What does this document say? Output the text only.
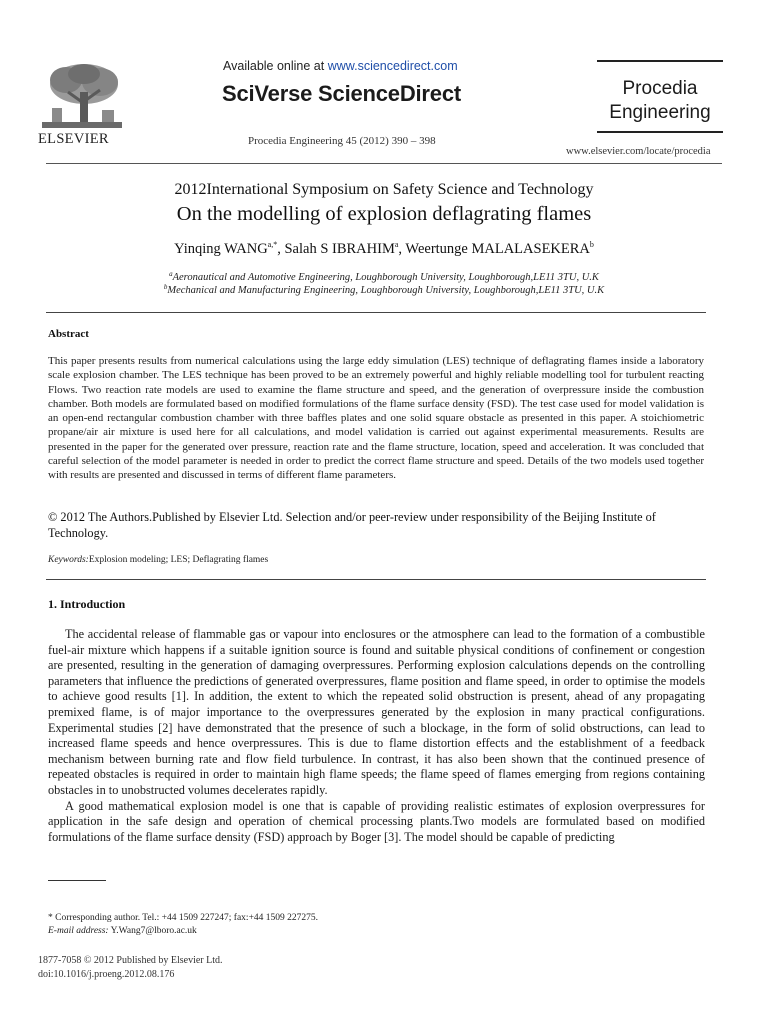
ELSEVIER
Available online at www.sciencedirect.com
SciVerse ScienceDirect
Procedia Engineering 45 (2012) 390 – 398
Procedia
Engineering
www.elsevier.com/locate/procedia
2012International Symposium on Safety Science and Technology
On the modelling of explosion deflagrating flames
Yinqing $WANG^{a,*}$, Salah S IBRAHIM$^a$, Weertunge MALALASEKERA$^b$
$^a$Aeronautical and Automotive Engineering, Loughborough University, Loughborough,LE11 3TU, U.K
$^b$Mechanical and Manufacturing Engineering, Loughborough University, Loughborough,LE11 3TU, U.K
Abstract
This paper presents results from numerical calculations using the large eddy simulation (LES) technique of deflagrating flames inside a laboratory scale explosion chamber. The LES technique has been proved to be an extremely powerful and highly reliable modelling tool for turbulent reacting Flows. Two reaction rate models are used to examine the flame structure and speed, and the generation of overpressure inside the combustion chamber. Both models are formulated based on modified formulations of the flame surface density (FSD). The test case used for model validation is an open-end rectangular combustion chamber with three baffles plates and one solid square obstacle as presented in this paper. A stoichiometric propane/air air mixture is used here for all calculations, and model validation is carried out against experimental measurements. Results are presented in the paper for the generated over pressure, reaction rate and the flame structure, location, speed and acceleration. It was concluded that careful selection of the model parameter is needed in order to predict the correct flame structure and speed. Details of the two models used together with results are presented and discussed in terms of different flame parameters.
© 2012 The Authors.Published by Elsevier Ltd. Selection and/or peer-review under responsibility of the Beijing Institute of Technology.
Keywords:Explosion modeling; LES; Deflagrating flames
1. Introduction

The accidental release of flammable gas or vapour into enclosures or the atmosphere can lead to the formation of a combustible fuel-air mixture which happens if a suitable ignition source is found and suitable physical conditions of confinement or congestion are presented, resulting in the generation of damaging overpressures. Performing explosion calculations depends on the controlling parameters that influence the predictions of generated overpressures, flame position and flame speed, in order to optimise the models to achieve good results [1]. In addition, the extent to which the repeated solid obstruction is present, ahead of any propagating premixed flame, is of major importance to the overpressures generated by the explosion in many practical configurations. Experimental studies [2] have demonstrated that the presence of such a blockage, in the form of solid obstructions, can lead to increased flame speeds and hence overpressures. This is due to flame distortion effects and the establishment of a feedback mechanism between burning rate and flow field turbulence. In contrast, it has also been shown that the continued presence of repeated obstacles is required in order to maintain high flame speeds; the flame speed of flames emerging from regions containing obstacles in to unobstructed volumes decelerates rapidly.

A good mathematical explosion model is one that is capable of providing realistic estimates of explosion overpressures for application in the safe design and operation of chemical processing plants.Two models are formulated based on modified formulations of the flame surface density (FSD) approach by Boger [3]. The model should be capable of predicting

* Corresponding author. Tel.: +44 1509 227247; fax:+44 1509 227275.
E-mail address: Y.Wang7@lboro.ac.uk
1877-7058 © 2012 Published by Elsevier Ltd.
doi:10.1016/j.proeng.2012.08.176
